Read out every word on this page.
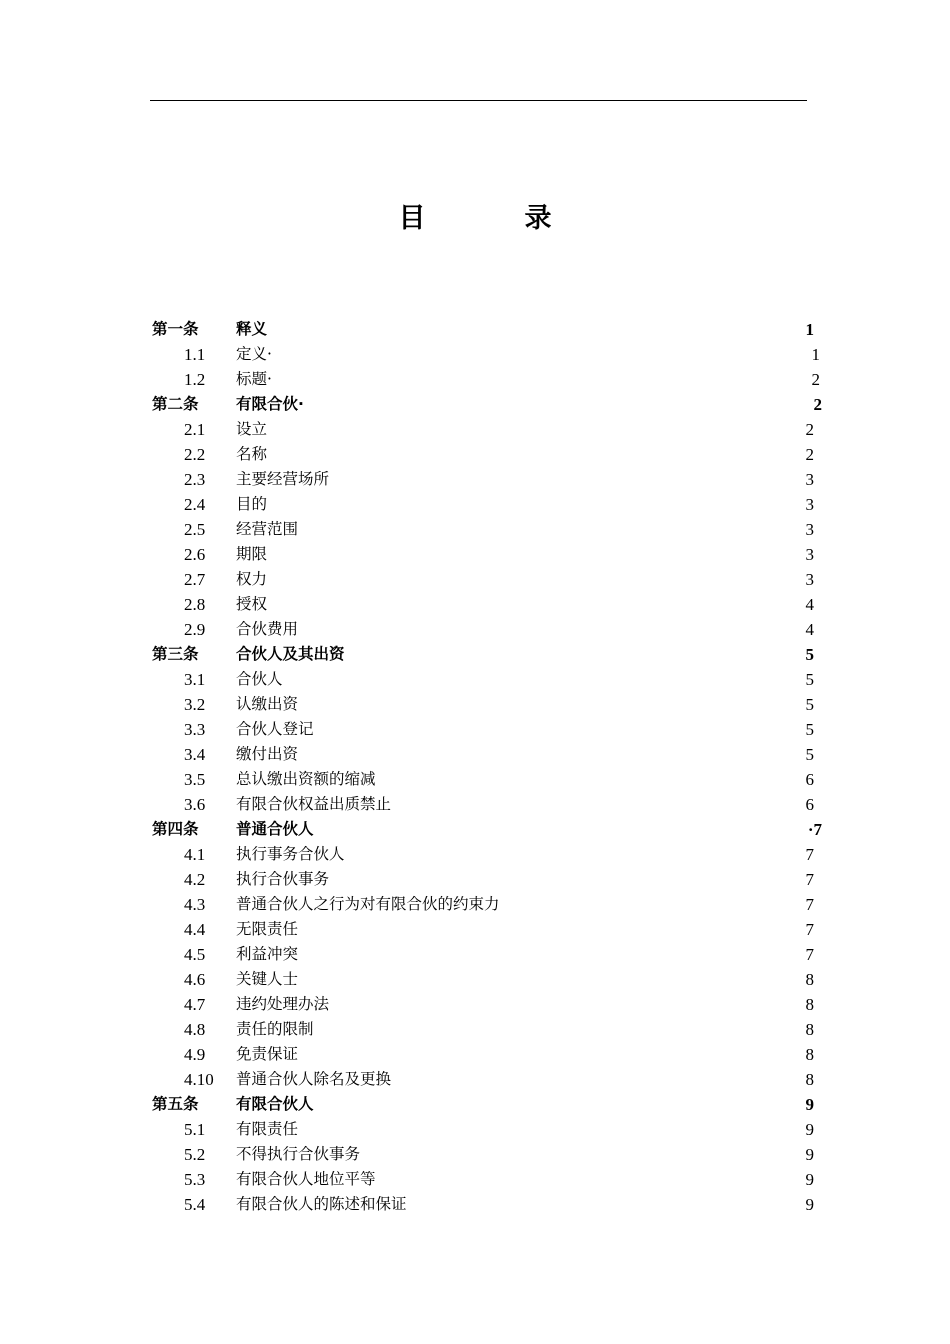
目　录
第一条 释义	1
1.1 定义·	1
1.2 标题·	2
第二条 有限合伙·	2
2.1 设立	2
2.2 名称	2
2.3 主要经营场所	3
2.4 目的	3
2.5 经营范围	3
2.6 期限	3
2.7 权力	3
2.8 授权	4
2.9 合伙费用	4
第三条 合伙人及其出资	5
3.1 合伙人	5
3.2 认缴出资	5
3.3 合伙人登记	5
3.4 缴付出资	5
3.5 总认缴出资额的缩减	6
3.6 有限合伙权益出质禁止	6
第四条 普通合伙人	·7
4.1 执行事务合伙人	7
4.2 执行合伙事务	7
4.3 普通合伙人之行为对有限合伙的约束力	7
4.4 无限责任	7
4.5 利益冲突	7
4.6 关键人士	8
4.7 违约处理办法	8
4.8 责任的限制	8
4.9 免责保证	8
4.10 普通合伙人除名及更换	8
第五条 有限合伙人	9
5.1 有限责任	9
5.2 不得执行合伙事务	9
5.3 有限合伙人地位平等	9
5.4 有限合伙人的陈述和保证	9
